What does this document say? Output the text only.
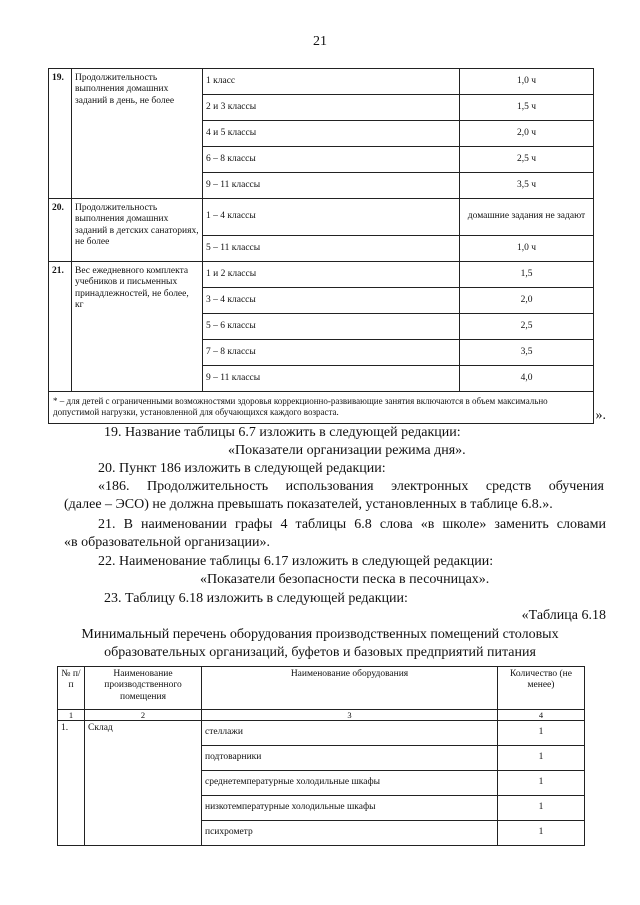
21
19.	Продолжительность выполнения домашних заданий в день, не более	1 класс	1,0 ч
		2 и 3 классы	1,5 ч
		4 и 5 классы	2,0 ч
		6 – 8 классы	2,5 ч
		9 – 11 классы	3,5 ч
20.	Продолжительность выполнения домашних заданий в детских санаториях, не более	1 – 4 классы	домашние задания не задают
		5 – 11 классы	1,0 ч
21.	Вес ежедневного комплекта учебников и письменных принадлежностей, не более, кг	1 и 2 классы	1,5
		3 – 4 классы	2,0
		5 – 6 классы	2,5
		7 – 8 классы	3,5
		9 – 11 классы	4,0
* – для детей с ограниченными возможностями здоровья коррекционно-развивающие занятия включаются в объем максимально допустимой нагрузки, установленной для обучающихся каждого возраста.				».
19. Название таблицы 6.7 изложить в следующей редакции:
«Показатели организации режима дня».
20. Пункт 186 изложить в следующей редакции:
«186. Продолжительность использования электронных средств обучения
(далее – ЭСО) не должна превышать показателей, установленных в таблице 6.8.».
21. В наименовании графы 4 таблицы 6.8 слова «в школе» заменить словами
«в образовательной организации».
22. Наименование таблицы 6.17 изложить в следующей редакции:
«Показатели безопасности песка в песочницах».
23. Таблицу 6.18 изложить в следующей редакции:
«Таблица 6.18
Минимальный перечень оборудования производственных помещений столовых
образовательных организаций, буфетов и базовых предприятий питания
№ п/п	Наименование производственного помещения	Наименование оборудования	Количество (не менее)
1	2	3	4
1.	Склад	стеллажи	1
		подтоварники	1
		среднетемпературные холодильные шкафы	1
		низкотемпературные холодильные шкафы	1
		психрометр	1
